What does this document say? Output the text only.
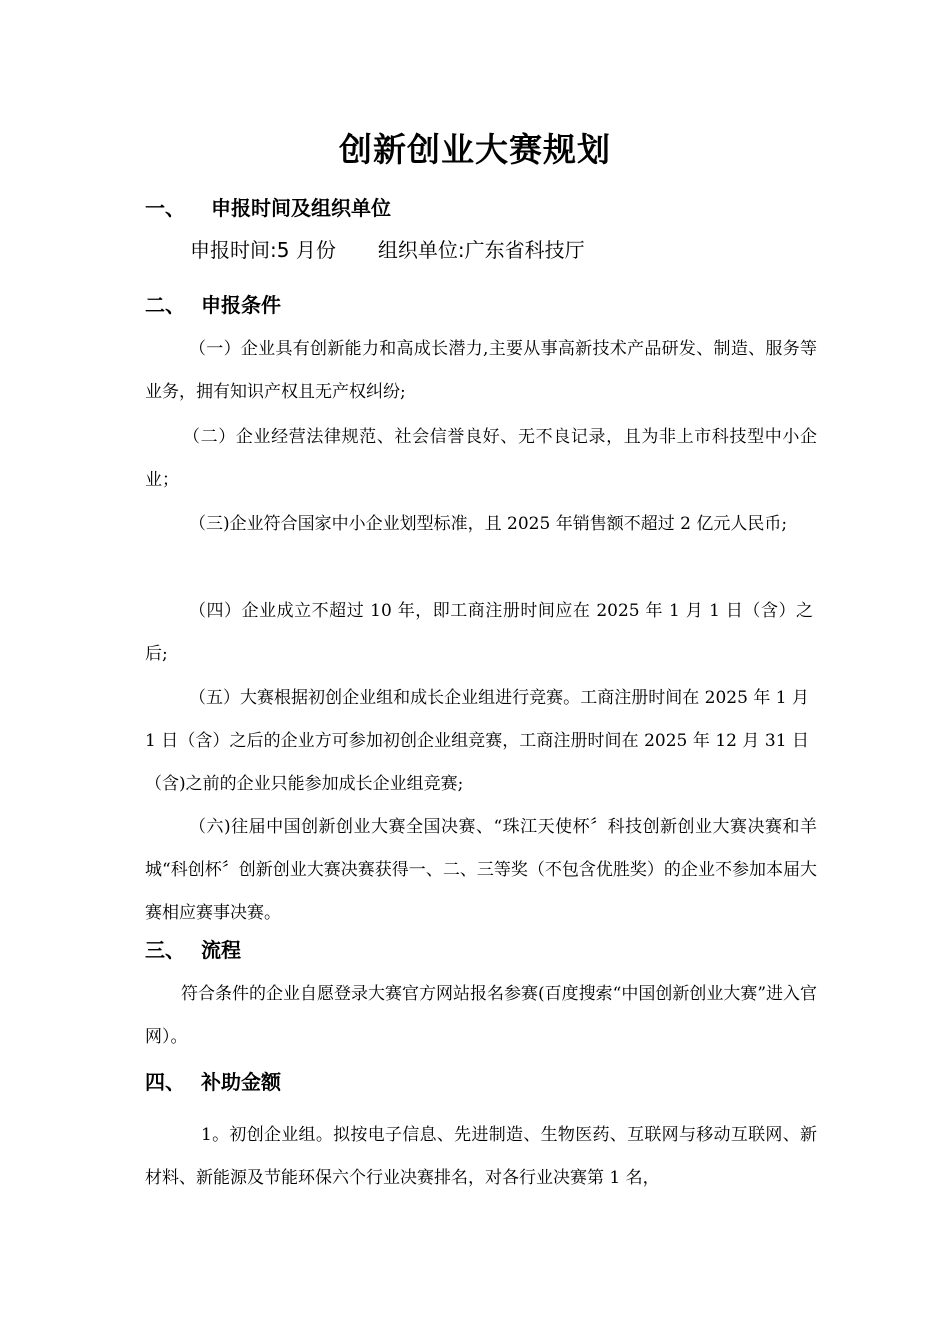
创新创业大赛规划
一、 申报时间及组织单位
申报时间:5 月份 组织单位:广东省科技厅
二、 申报条件
（一）企业具有创新能力和高成长潜力,主要从事高新技术产品研发、制造、服务等业务，拥有知识产权且无产权纠纷;
（二）企业经营法律规范、社会信誉良好、无不良记录，且为非上市科技型中小企业；
（三)企业符合国家中小企业划型标准，且 2025 年销售额不超过 2 亿元人民币;
（四）企业成立不超过 10 年，即工商注册时间应在 2025 年 1 月 1 日（含）之后;
（五）大赛根据初创企业组和成长企业组进行竞赛。工商注册时间在 2025 年 1 月 1 日（含）之后的企业方可参加初创企业组竞赛，工商注册时间在 2025 年 12 月 31 日（含)之前的企业只能参加成长企业组竞赛;
（六)往届中国创新创业大赛全国决赛、“珠江天使杯〞科技创新创业大赛决赛和羊城“科创杯〞创新创业大赛决赛获得一、二、三等奖（不包含优胜奖）的企业不参加本届大赛相应赛事决赛。
三、 流程
符合条件的企业自愿登录大赛官方网站报名参赛(百度搜索“中国创新创业大赛”进入官网）。
四、 补助金额
1。初创企业组。拟按电子信息、先进制造、生物医药、互联网与移动互联网、新材料、新能源及节能环保六个行业决赛排名，对各行业决赛第 1 名，
